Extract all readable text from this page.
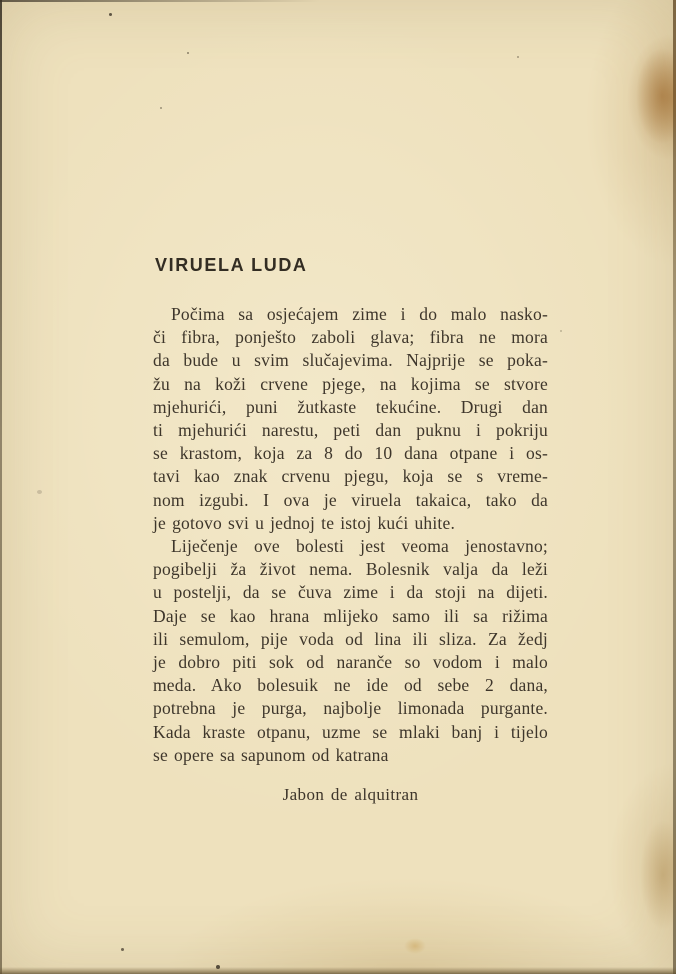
VIRUELA LUDA
Počima sa osjećajem zime i do malo nasko-
či fibra, ponješto zaboli glava; fibra ne mora
da bude u svim slučajevima. Najprije se poka-
žu na koži crvene pjege, na kojima se stvore
mjehurići, puni žutkaste tekućine. Drugi dan
ti mjehurići narestu, peti dan puknu i pokriju
se krastom, koja za 8 do 10 dana otpane i os-
tavi kao znak crvenu pjegu, koja se s vreme-
nom izgubi. I ova je viruela takaica, tako da
je gotovo svi u jednoj te istoj kući uhite.
Liječenje ove bolesti jest veoma jenostavno;
pogibelji ža život nema. Bolesnik valja da leži
u postelji, da se čuva zime i da stoji na dijeti.
Daje se kao hrana mlijeko samo ili sa rižima
ili semulom, pije voda od lina ili sliza. Za žedj
je dobro piti sok od naranče so vodom i malo
meda. Ako bolesuik ne ide od sebe 2 dana,
potrebna je purga, najbolje limonada purgante.
Kada kraste otpanu, uzme se mlaki banj i tijelo
se opere sa sapunom od katrana
Jabon de alquitran
